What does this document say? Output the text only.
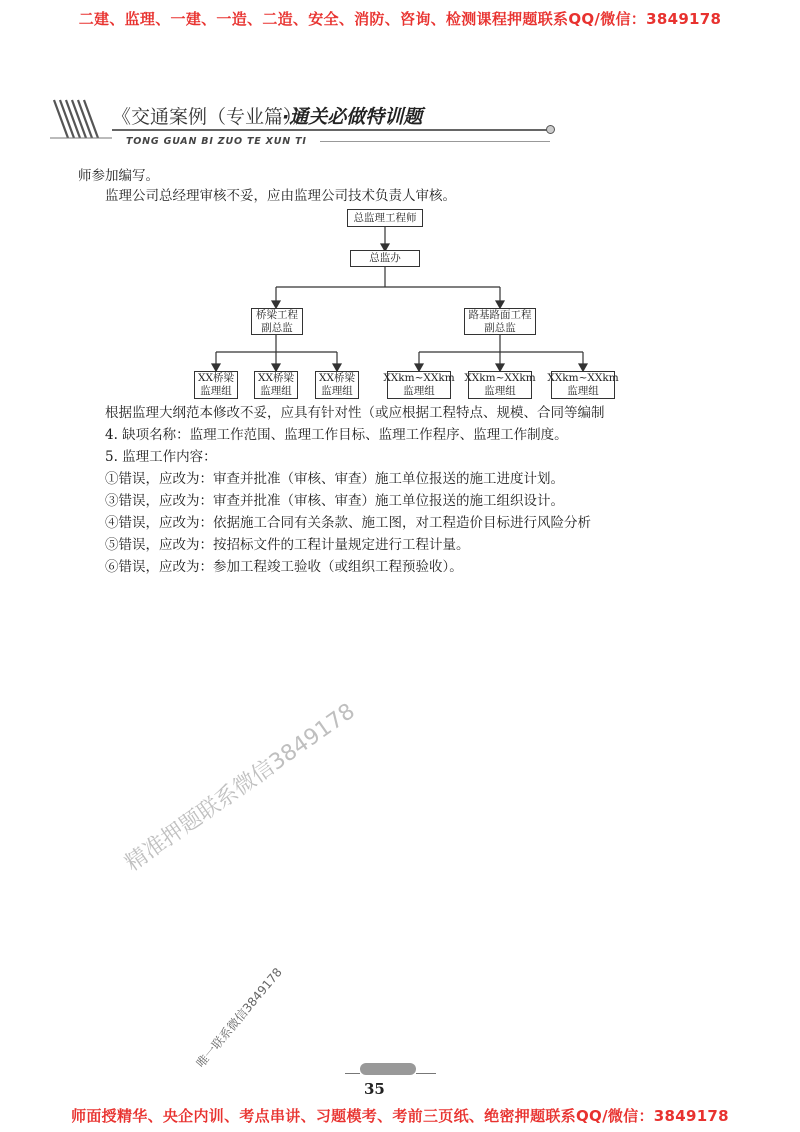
二建、监理、一建、一造、二造、安全、消防、咨询、检测课程押题联系QQ/微信：3849178
《交通案例（专业篇）》
·通关必做特训题
TONG GUAN BI ZUO TE XUN TI
师参加编写。
监理公司总经理审核不妥，应由监理公司技术负责人审核。
总监理工程师
总监办
桥梁工程
副总监
路基路面工程
副总监
XX桥梁
监理组
XX桥梁
监理组
XX桥梁
监理组
XXkm~XXkm
监理组
XXkm~XXkm
监理组
XXkm~XXkm
监理组
根据监理大纲范本修改不妥，应具有针对性（或应根据工程特点、规模、合同等编制
4. 缺项名称：监理工作范围、监理工作目标、监理工作程序、监理工作制度。
5. 监理工作内容：
①错误，应改为：审查并批准（审核、审查）施工单位报送的施工进度计划。
③错误，应改为：审查并批准（审核、审查）施工单位报送的施工组织设计。
④错误，应改为：依据施工合同有关条款、施工图，对工程造价目标进行风险分析
⑤错误，应改为：按招标文件的工程计量规定进行工程计量。
⑥错误，应改为：参加工程竣工验收（或组织工程预验收）。
精准押题联系微信3849178
唯一联系微信3849178
35
师面授精华、央企内训、考点串讲、习题模考、考前三页纸、绝密押题联系QQ/微信：3849178
